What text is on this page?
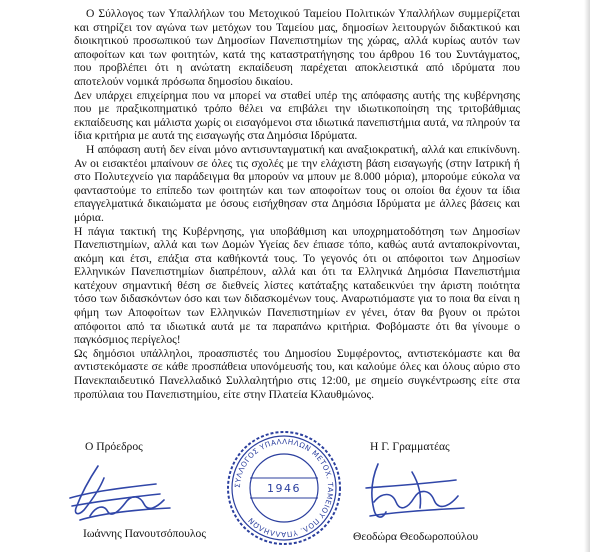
Ο Σύλλογος των Υπαλλήλων του Μετοχικού Ταμείου Πολιτικών Υπαλλήλων συμμερίζεται και στηρίζει τον αγώνα των μετόχων του Ταμείου μας, δημοσίων λειτουργών διδακτικού και διοικητικού προσωπικού των Δημοσίων Πανεπιστημίων της χώρας, αλλά κυρίως αυτόν των αποφοίτων και των φοιτητών, κατά της καταστρατήγησης του άρθρου 16 του Συντάγματος, που προβλέπει ότι η ανώτατη εκπαίδευση παρέχεται αποκλειστικά από ιδρύματα που αποτελούν νομικά πρόσωπα δημοσίου δικαίου.

Δεν υπάρχει επιχείρημα που να μπορεί να σταθεί υπέρ της απόφασης αυτής της κυβέρνησης που με πραξικοπηματικό τρόπο θέλει να επιβάλει την ιδιωτικοποίηση της τριτοβάθμιας εκπαίδευσης και μάλιστα χωρίς οι εισαγόμενοι στα ιδιωτικά πανεπιστήμια αυτά, να πληρούν τα ίδια κριτήρια με αυτά της εισαγωγής στα Δημόσια Ιδρύματα.

Η απόφαση αυτή δεν είναι μόνο αντισυνταγματική και αναξιοκρατική, αλλά και επικίνδυνη. Αν οι εισακτέοι μπαίνουν σε όλες τις σχολές με την ελάχιστη βάση εισαγωγής (στην Ιατρική ή στο Πολυτεχνείο για παράδειγμα θα μπορούν να μπουν με 8.000 μόρια), μπορούμε εύκολα να φανταστούμε το επίπεδο των φοιτητών και των αποφοίτων τους οι οποίοι θα έχουν τα ίδια επαγγελματικά δικαιώματα με όσους εισήχθησαν στα Δημόσια Ιδρύματα με άλλες βάσεις και μόρια.

Η πάγια τακτική της Κυβέρνησης, για υποβάθμιση και υποχρηματοδότηση των Δημοσίων Πανεπιστημίων, αλλά και των Δομών Υγείας δεν έπιασε τόπο, καθώς αυτά ανταποκρίνονται, ακόμη και έτσι, επάξια στα καθήκοντά τους. Το γεγονός ότι οι απόφοιτοι των Δημοσίων Ελληνικών Πανεπιστημίων διαπρέπουν, αλλά και ότι τα Ελληνικά Δημόσια Πανεπιστήμια κατέχουν σημαντική θέση σε διεθνείς λίστες κατάταξης καταδεικνύει την άριστη ποιότητα τόσο των διδασκόντων όσο και των διδασκομένων τους. Αναρωτιόμαστε για το ποια θα είναι η φήμη των Αποφοίτων των Ελληνικών Πανεπιστημίων εν γένει, όταν θα βγουν οι πρώτοι απόφοιτοι από τα ιδιωτικά αυτά με τα παραπάνω κριτήρια. Φοβόμαστε ότι θα γίνουμε ο παγκόσμιος περίγελος!

Ως δημόσιοι υπάλληλοι, προασπιστές του Δημοσίου Συμφέροντος, αντιστεκόμαστε και θα αντιστεκόμαστε σε κάθε προσπάθεια υπονόμευσής του, και καλούμε όλες και όλους αύριο στο Πανεκπαιδευτικό Πανελλαδικό Συλλαλητήριο στις 12:00, με σημείο συγκέντρωσης είτε στα προπύλαια του Πανεπιστημίου, είτε στην Πλατεία Κλαυθμώνος.

Ο Πρόεδρος	Η Γ. Γραμματέας
ΣΥΛΛΟΓΟΣ ΥΠΑΛΛΗΛΩΝ ΜΕΤΟΧ. ΤΑΜΕΙΟΥ ΠΟΛ. ΥΠΑΛΛΗΛΩΝ
1946
Ιωάννης Πανουτσόπουλος	Θεοδώρα Θεοδωροπούλου
